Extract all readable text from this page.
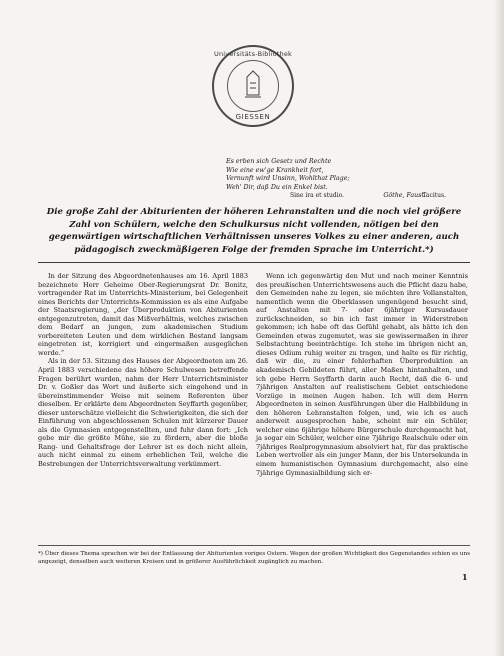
Universitäts-Bibliothek
GIESSEN
Es erben sich Gesetz und Rechte
Wie eine ew'ge Krankheit fort,
Vernunft wird Unsinn, Wohlthat Plage;
Weh' Dir, daß Du ein Enkel bist.
Göthe, Faust.
Sine ira et studio.	Tacitus.
Die große Zahl der Abiturienten der höheren Lehranstalten und die noch viel größere Zahl von Schülern, welche den Schulkursus nicht vollenden, nötigen bei den gegenwärtigen wirtschaftlichen Verhältnissen unseres Volkes zu einer anderen, auch pädagogisch zweckmäßigeren Folge der fremden Sprache im Unterricht.*)

In der Sitzung des Abgeordnetenhauses am 16. April 1883 bezeichnete Herr Geheime Ober-Regierungsrat Dr. Bonitz, vortragender Rat im Unterrichts-Ministerium, bei Gelegenheit eines Berichts der Unterrichts-Kommission es als eine Aufgabe der Staatsregierung, „der Überproduktion von Abiturienten entgegenzutreten, damit das Mißverhältnis, welches zwischen dem Bedarf an jungen, zum akademischen Studium vorbereiteten Leuten und dem wirklichen Bestand langsam eingetreten ist, korrigiert und eingermaßen ausgeglichen werde.“

Als in der 53. Sitzung des Hauses der Abgeordneten am 26. April 1883 verschiedene das höhere Schulwesen betreffende Fragen berührt wurden, nahm der Herr Unterrichtsminister Dr. v. Goßler das Wort und äußerte sich eingehend und in übereinstimmender Weise mit seinem Referenten über dieselben. Er erklärte dem Abgeordneten Seyffarth gegenüber, dieser unterschätze vielleicht die Schwierigkeiten, die sich der Einführung von abgeschlossenen Schulen mit kürzerer Dauer als die Gymnasien entgegenstellten, und fuhr dann fort: „Ich gebe mir die größte Mühe, sie zu fördern, aber die bloße Rang- und Gehaltsfrage der Lehrer ist es doch nicht allein, auch nicht einmal zu einem erheblichen Teil, welche die Bestrebungen der Unterrichtsverwaltung verkümmert.

Wenn ich gegenwärtig den Mut und nach meiner Kenntnis des preußischen Unterrichtswesens auch die Pflicht dazu habe, den Gemeinden nahe zu legen, sie möchten ihre Vollanstalten, namentlich wenn die Oberklassen ungenügend besucht sind, auf Anstalten mit 7- oder 6jähriger Kursusdauer zurückschneiden, so bin ich fast immer in Widerstreben gekommen; ich habe oft das Gefühl gehabt, als hätte ich den Gemeinden etwas zugemutet, was sie gewissermaßen in ihrer Selbstachtung beeinträchtige. Ich stehe im übrigen nicht an, dieses Odium ruhig weiter zu tragen, und halte es für richtig, daß wir die, zu einer fehlerhaften Überproduktion an akademisch Gebildeten führt, aller Maßen hintanhalten, und ich gebe Herrn Seyffarth darin auch Recht, daß die 6- und 7jährigen Anstalten auf realistischem Gebiet entschiedene Vorzüge in meinen Augen haben. Ich will dem Herrn Abgeordneten in seinen Ausführungen über die Halbbildung in den höheren Lehranstalten folgen, und, wie ich es auch anderweit ausgesprochen habe, scheint mir ein Schüler, welcher eine 6jährige höhere Bürgerschule durchgemacht hat, ja sogar ein Schüler, welcher eine 7jährige Realschule oder ein 7jähriges Realprogymnasium absolviert hat, für das praktische Leben wertvoller als ein junger Mann, der bis Untersekunda in einem humanistischen Gymnasium durchgemacht, also eine 7jährige Gymnasialbildung sich er-

*) Über dieses Thema sprachen wir bei der Entlassung der Abiturienten voriges Ostern. Wegen der großen Wichtigkeit des Gegenstandes schien es uns angezeigt, denselben auch weiteren Kreisen und in größerer Ausführlichkeit zugänglich zu machen.
1
